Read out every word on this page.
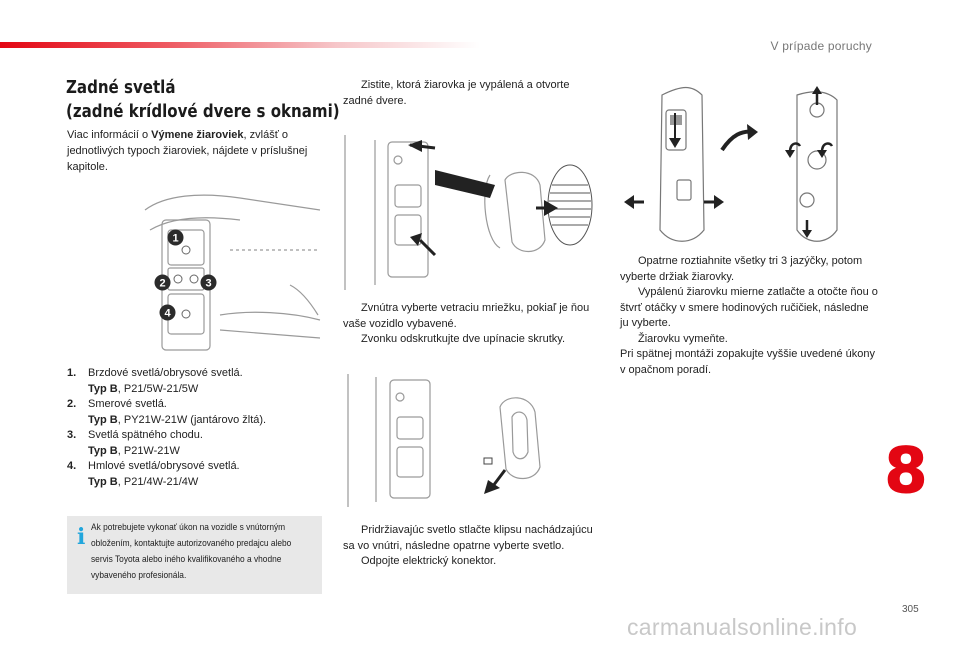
V prípade poruchy
Zadné svetlá
(zadné krídlové dvere s oknami)
Viac informácií o Výmene žiaroviek, zvlášť o jednotlivých typoch žiaroviek, nájdete v príslušnej kapitole.
1
2	3
4
1. Brzdové svetlá/obrysové svetlá.
Typ B, P21/5W-21/5W
2. Smerové svetlá.
Typ B, PY21W-21W (jantárovo žltá).
3. Svetlá spätného chodu.
Typ B, P21W-21W
4. Hmlové svetlá/obrysové svetlá.
Typ B, P21/4W-21/4W
i Ak potrebujete vykonať úkon na vozidle s vnútorným obložením, kontaktujte autorizovaného predajcu alebo servis Toyota alebo iného kvalifikovaného a vhodne vybaveného profesionála.
Zistite, ktorá žiarovka je vypálená a otvorte zadné dvere.
Zvnútra vyberte vetraciu mriežku, pokiaľ je ňou vaše vozidlo vybavené.
Zvonku odskrutkujte dve upínacie skrutky.
Pridržiavajúc svetlo stlačte klipsu nachádzajúcu sa vo vnútri, následne opatrne vyberte svetlo.
Odpojte elektrický konektor.
Opatrne roztiahnite všetky tri 3 jazýčky, potom vyberte držiak žiarovky.
Vypálenú žiarovku mierne zatlačte a otočte ňou o štvrť otáčky v smere hodinových ručičiek, následne ju vyberte.
Žiarovku vymeňte.
Pri spätnej montáži zopakujte vyššie uvedené úkony v opačnom poradí.
8
305
carmanualsonline.info
